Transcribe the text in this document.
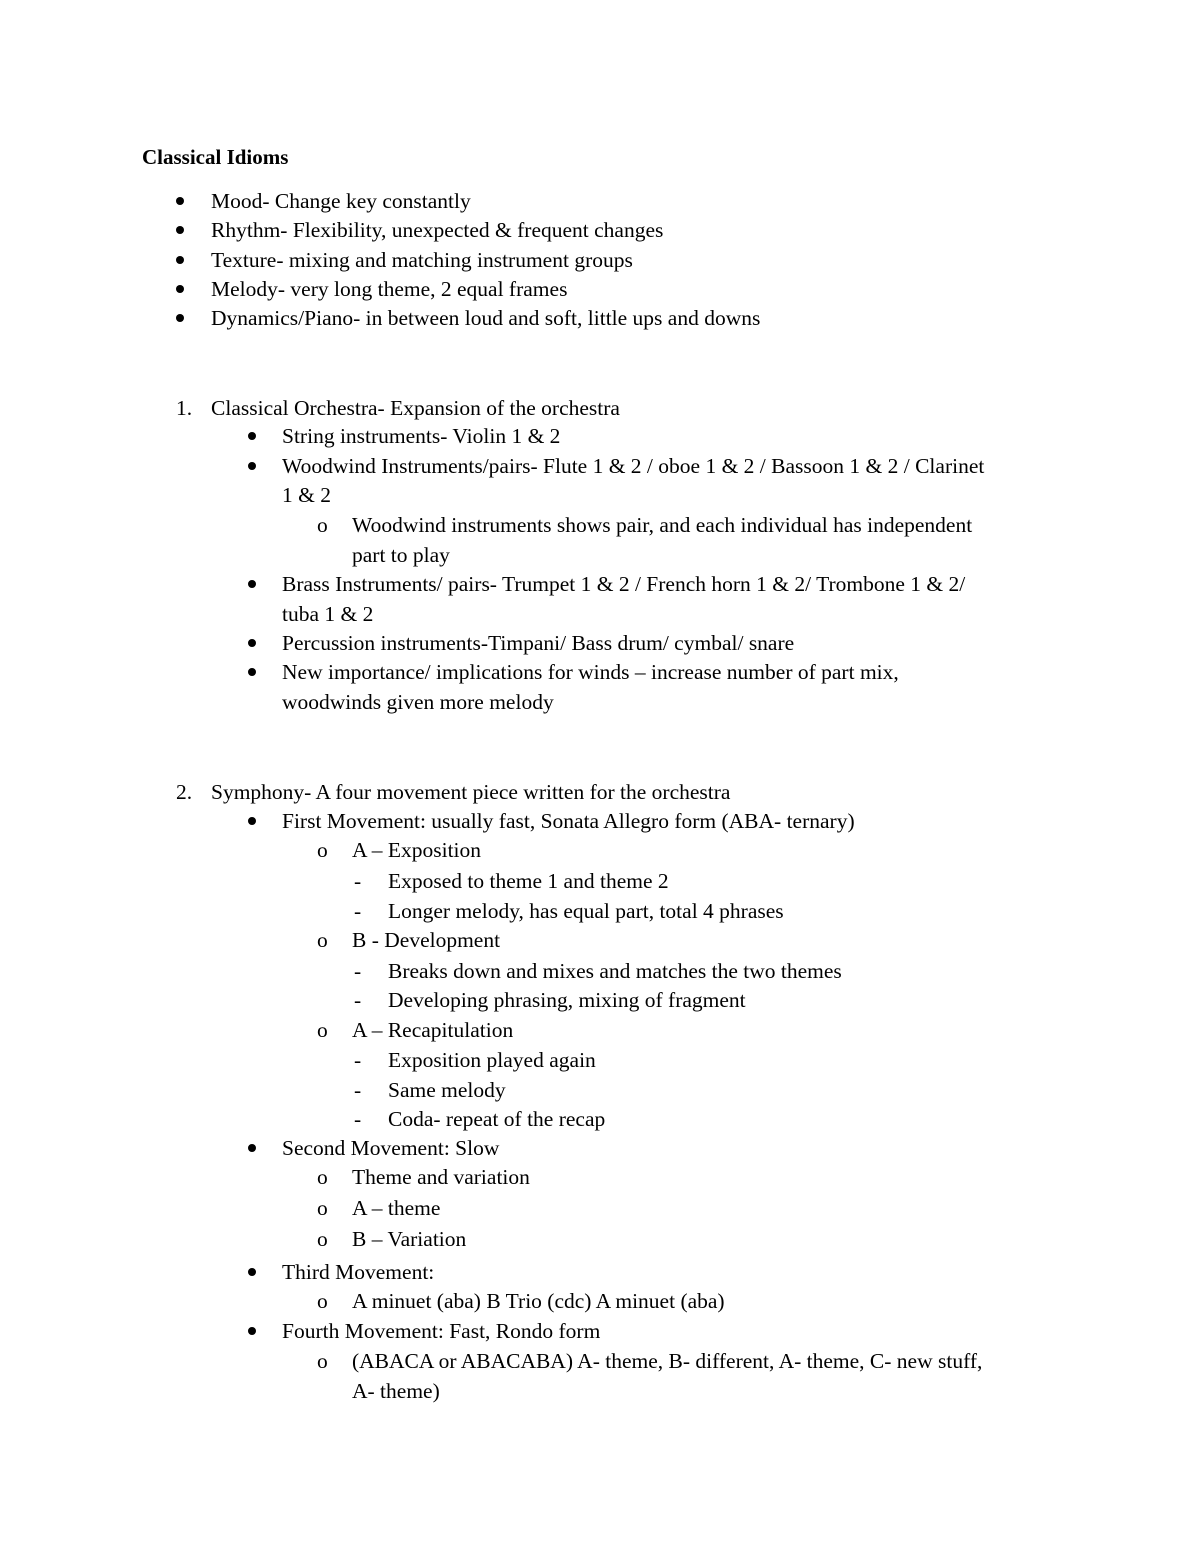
Classical Idioms
Mood- Change key constantly
Rhythm- Flexibility, unexpected & frequent changes
Texture- mixing and matching instrument groups
Melody- very long theme, 2 equal frames
Dynamics/Piano- in between loud and soft, little ups and downs
1. Classical Orchestra- Expansion of the orchestra
String instruments- Violin 1 & 2
Woodwind Instruments/pairs- Flute 1 & 2 / oboe 1 & 2 / Bassoon 1 & 2 / Clarinet
1 & 2
o Woodwind instruments shows pair, and each individual has independent
part to play
Brass Instruments/ pairs- Trumpet 1 & 2 / French horn 1 & 2/ Trombone 1 & 2/
tuba 1 & 2
Percussion instruments-Timpani/ Bass drum/ cymbal/ snare
New importance/ implications for winds – increase number of part mix,
woodwinds given more melody
2. Symphony- A four movement piece written for the orchestra
First Movement: usually fast, Sonata Allegro form (ABA- ternary)
o A – Exposition
- Exposed to theme 1 and theme 2
- Longer melody, has equal part, total 4 phrases
o B - Development
- Breaks down and mixes and matches the two themes
- Developing phrasing, mixing of fragment
o A – Recapitulation
- Exposition played again
- Same melody
- Coda- repeat of the recap
Second Movement: Slow
o Theme and variation
o A – theme
o B – Variation
Third Movement:
o A minuet (aba) B Trio (cdc) A minuet (aba)
Fourth Movement: Fast, Rondo form
o (ABACA or ABACABA) A- theme, B- different, A- theme, C- new stuff,
A- theme)
